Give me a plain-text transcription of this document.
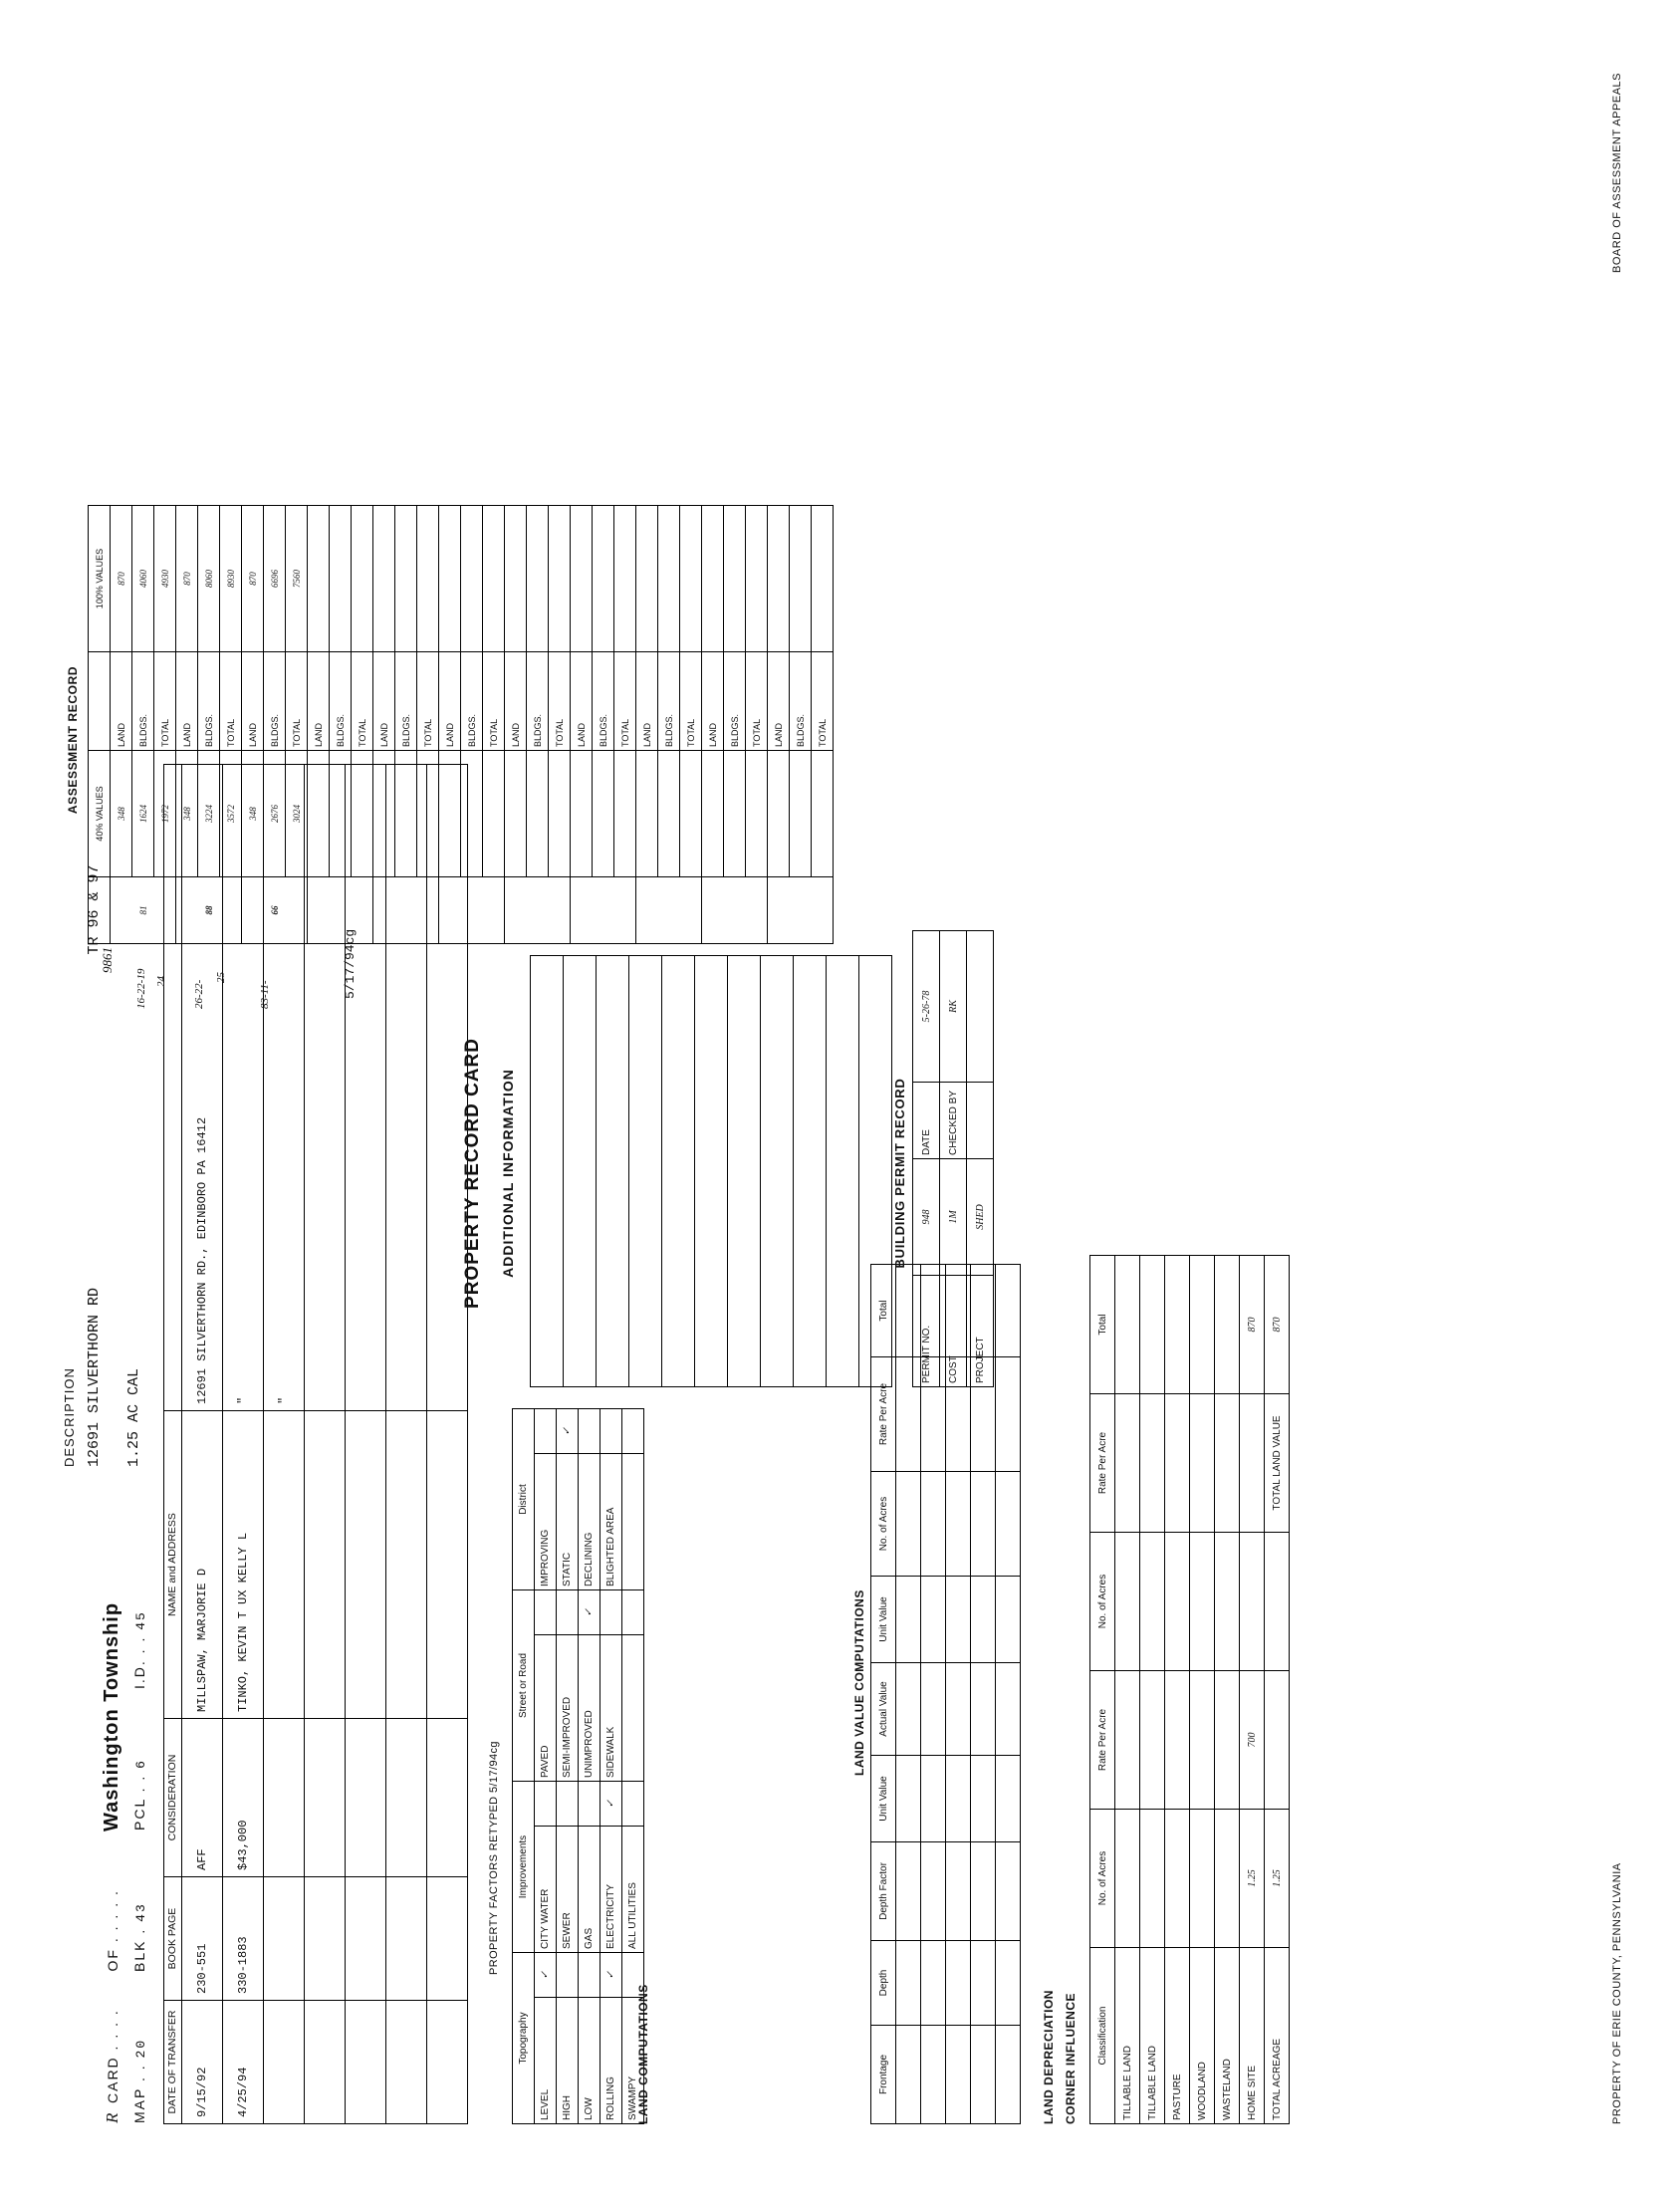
R	CARD . . . .	OF . . . . .	Washington Township
MAP . . 20	BLK . 43	PCL . . 6	I.D. . . 45
DESCRIPTION 12691 SILVERTHORN RD TR 96 & 97
1.25 AC CAL
DATE OF TRANSFER	BOOK PAGE	CONSIDERATION	NAME and ADDRESS	
9/15/92	230-551	AFF	MILLSPAW, MARJORIE D	12691 SILVERTHORN RD., EDINBORO PA 16412
4/25/94	330-1883	$43,000	TINKO, KEVIN T UX KELLY L	"
				"

PROPERTY FACTORS RETYPED 5/17/94cg
5/17/94cg
Topography		Improvements		Street or Road		District	
LEVEL	✓	CITY WATER		PAVED		IMPROVING	
HIGH		SEWER		SEMI-IMPROVED		STATIC	✓
LOW		GAS		UNIMPROVED	✓	DECLINING	
ROLLING	✓	ELECTRICITY	✓	SIDEWALK		BLIGHTED AREA	
SWAMPY		ALL UTILITIES					
LAND COMPUTATIONS
LAND VALUE COMPUTATIONS
Frontage	Depth	Depth Factor	Unit Value	Actual Value	Unit Value	No. of Acres	Rate Per Acre	Total

LAND DEPRECIATION CORNER INFLUENCE Classification	No. of Acres	Rate Per Acre	No. of Acres	Rate Per Acre	Total
TILLABLE LAND					
TILLABLE LAND					
PASTURE					
WOODLAND					
WASTELAND					
HOME SITE	1.25	700			870
TOTAL ACREAGE	1.25			TOTAL LAND VALUE	870
PROPERTY RECORD CARD ADDITIONAL INFORMATION	BUILDING PERMIT RECORD
PERMIT NO.	948	DATE	5-26-78
COST	1M	CHECKED BY	RK
PROJECT	SHED		
ASSESSMENT RECORD
	40% VALUES		100% VALUES
81	348	LAND	870
	1624	BLDGS.	4060
	1972	TOTAL	4930
88	348	LAND	870
	3224	BLDGS.	8060
	3572	TOTAL	8930
66	348	LAND	870
	2676	BLDGS.	6696
	3024	TOTAL	7560
		LAND	
		BLDGS.	
		TOTAL	
		LAND	
		BLDGS.	
		TOTAL	
		LAND	
		BLDGS.	
		TOTAL	
		LAND	
		BLDGS.	
		TOTAL	
		LAND	
		BLDGS.	
		TOTAL	
		LAND	
		BLDGS.	
		TOTAL	
		LAND	
		BLDGS.	
		TOTAL	
		LAND	
		BLDGS.	
		TOTAL	
16-22-19 24 26-22-
25
83-11-
9861
PROPERTY OF ERIE COUNTY, PENNSYLVANIA
BOARD OF ASSESSMENT APPEALS
